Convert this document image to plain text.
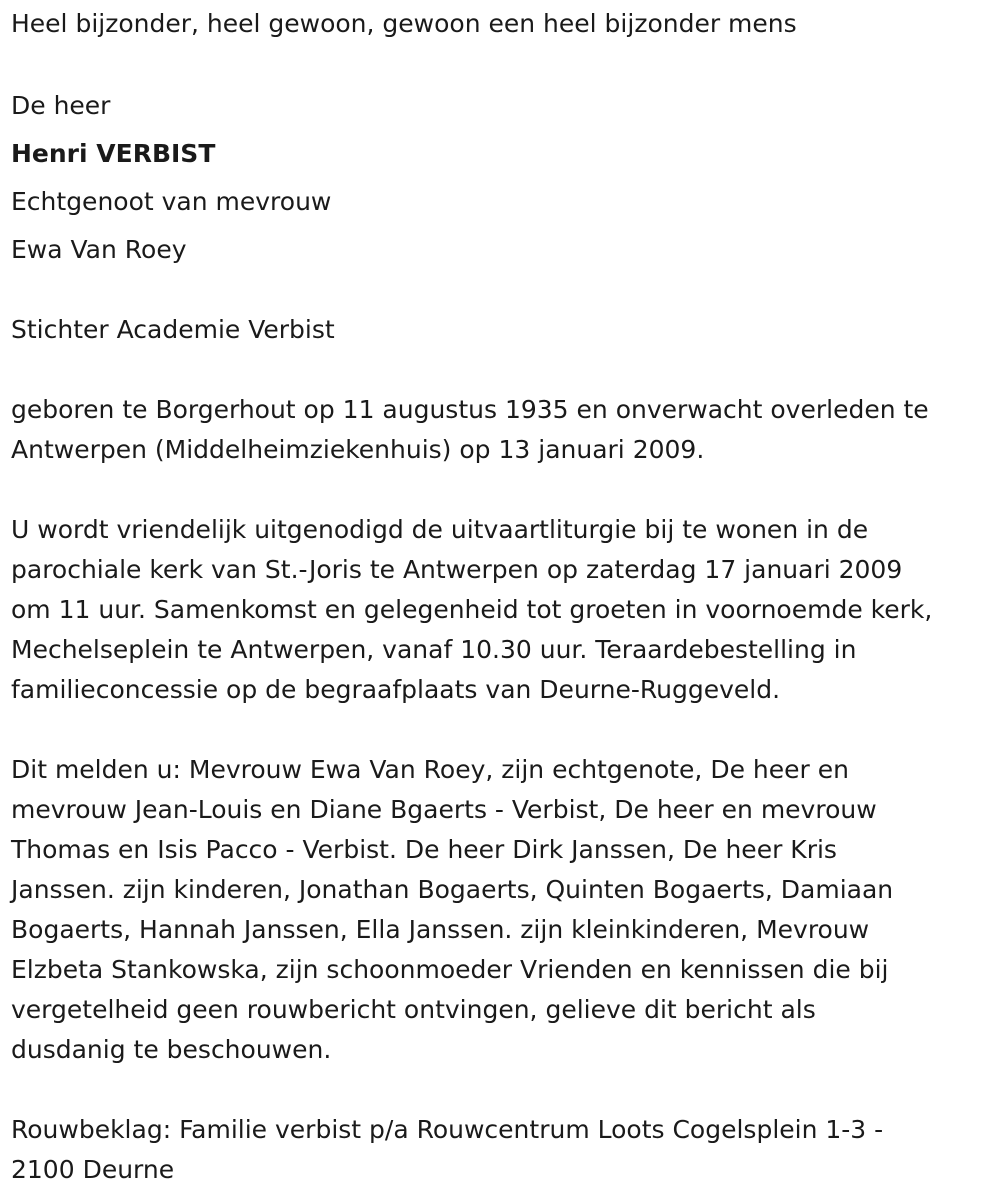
Heel bijzonder, heel gewoon, gewoon een heel bijzonder mens

De heer

Henri VERBIST

Echtgenoot van mevrouw

Ewa Van Roey

Stichter Academie Verbist

geboren te Borgerhout op 11 augustus 1935 en onverwacht overleden te
Antwerpen (Middelheimziekenhuis) op 13 januari 2009.
U wordt vriendelijk uitgenodigd de uitvaartliturgie bij te wonen in de
parochiale kerk van St.-Joris te Antwerpen op zaterdag 17 januari 2009
om 11 uur. Samenkomst en gelegenheid tot groeten in voornoemde kerk,
Mechelseplein te Antwerpen, vanaf 10.30 uur. Teraardebestelling in
familieconcessie op de begraafplaats van Deurne-Ruggeveld.
Dit melden u: Mevrouw Ewa Van Roey, zijn echtgenote, De heer en
mevrouw Jean-Louis en Diane Bgaerts - Verbist, De heer en mevrouw
Thomas en Isis Pacco - Verbist. De heer Dirk Janssen, De heer Kris
Janssen. zijn kinderen, Jonathan Bogaerts, Quinten Bogaerts, Damiaan
Bogaerts, Hannah Janssen, Ella Janssen. zijn kleinkinderen, Mevrouw
Elzbeta Stankowska, zijn schoonmoeder Vrienden en kennissen die bij
vergetelheid geen rouwbericht ontvingen, gelieve dit bericht als
dusdanig te beschouwen.
Rouwbeklag: Familie verbist p/a Rouwcentrum Loots Cogelsplein 1-3 -
2100 Deurne
